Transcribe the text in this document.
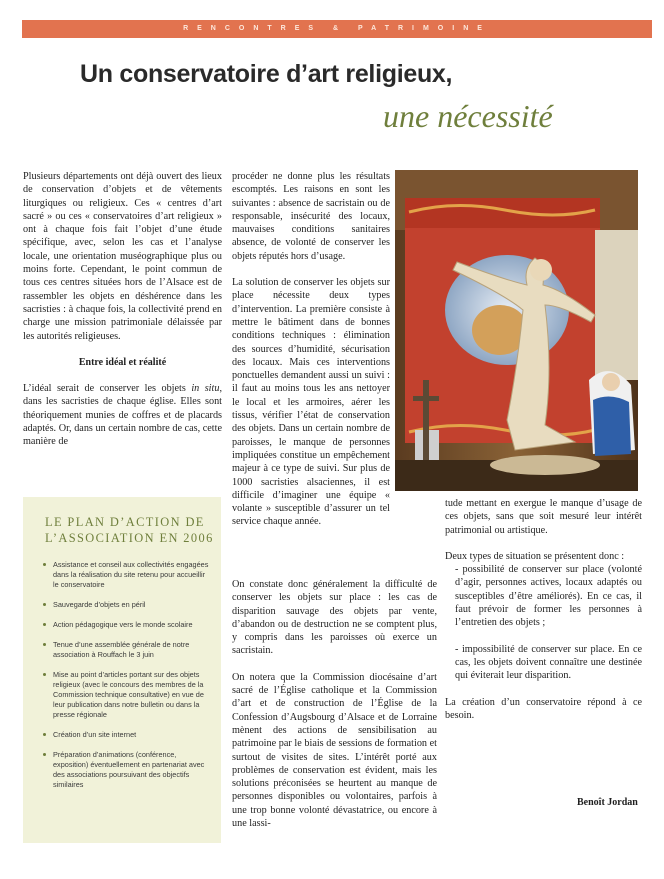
RENCONTRES & PATRIMOINE
Un conservatoire d’art religieux,
une nécessité

Plusieurs départements ont déjà ouvert des lieux de conservation d’objets et de vêtements liturgiques ou religieux. Ces « centres d’art sacré » ou ces « conservatoires d’art religieux » ont à chaque fois fait l’objet d’une étude spécifique, avec, selon les cas et l’analyse locale, une orientation muséographique plus ou moins forte. Cependant, le point commun de tous ces centres situées hors de l’Alsace est de rassembler les objets en déshérence dans les sacristies : à chaque fois, la collectivité prend en charge une mission patrimoniale délaissée par les autorités religieuses.

Entre idéal et réalité

L’idéal serait de conserver les objets in situ, dans les sacristies de chaque église. Elles sont théoriquement munies de coffres et de placards adaptés. Or, dans un certain nombre de cas, cette manière de

procéder ne donne plus les résultats escomptés. Les raisons en sont les suivantes : absence de sacristain ou de responsable, insécurité des locaux, mauvaises conditions sanitaires absence, de volonté de conserver les objets réputés hors d’usage.

La solution de conserver les objets sur place nécessite deux types d’intervention. La première consiste à mettre le bâtiment dans de bonnes conditions techniques : élimination des sources d’humidité, sécurisation des locaux. Mais ces interventions ponctuelles demandent aussi un suivi : il faut au moins tous les ans nettoyer le local et les armoires, aérer les tissus, vérifier l’état de conservation des objets. Dans un certain nombre de paroisses, le manque de personnes impliquées constitue un empêchement majeur à ce type de suivi. Sur plus de 1000 sacristies alsaciennes, il est difficile d’imaginer une équipe « volante » susceptible d’assurer un tel service chaque année.

LE PLAN D’ACTION DE
L’ASSOCIATION EN 2006
Assistance et conseil aux collectivités engagées dans la réalisation du site retenu pour accueillir le conservatoire
Sauvegarde d’objets en péril
Action pédagogique vers le monde scolaire
Tenue d’une assemblée générale de notre association à Rouffach le 3 juin
Mise au point d’articles portant sur des objets religieux (avec le concours des membres de la Commission technique consultative) en vue de leur publication dans notre bulletin ou dans la presse régionale
Création d’un site internet
Préparation d’animations (conférence, exposition) éventuellement en partenariat avec des associations poursuivant des objectifs similaires

tude mettant en exergue le manque d’usage de ces objets, sans que soit mesuré leur intérêt patrimonial ou artistique.

Deux types de situation se présentent donc :

- possibilité de conserver sur place (volonté d’agir, personnes actives, locaux adaptés ou susceptibles d’être améliorés). En ce cas, il faut prévoir de former les personnes à l’entretien des objets ;

- impossibilité de conserver sur place. En ce cas, les objets doivent connaître une destinée qui éviterait leur disparition.

La création d’un conservatoire répond à ce besoin.

Benoît Jordan

On constate donc généralement la difficulté de conserver les objets sur place : les cas de disparition sauvage des objets par vente, d’abandon ou de destruction ne se comptent plus, y compris dans les paroisses où exerce un sacristain.

On notera que la Commission diocésaine d’art sacré de l’Église catholique et la Commission d’art et de construction de l’Église de la Confession d’Augsbourg d’Alsace et de Lorraine mènent des actions de sensibilisation au patrimoine par le biais de sessions de formation et surtout de visites de sites. L’intérêt porté aux problèmes de conservation est évident, mais les solutions préconisées se heurtent au manque de personnes disponibles ou volontaires, parfois à une trop bonne volonté dévastatrice, ou encore à une lassi-
